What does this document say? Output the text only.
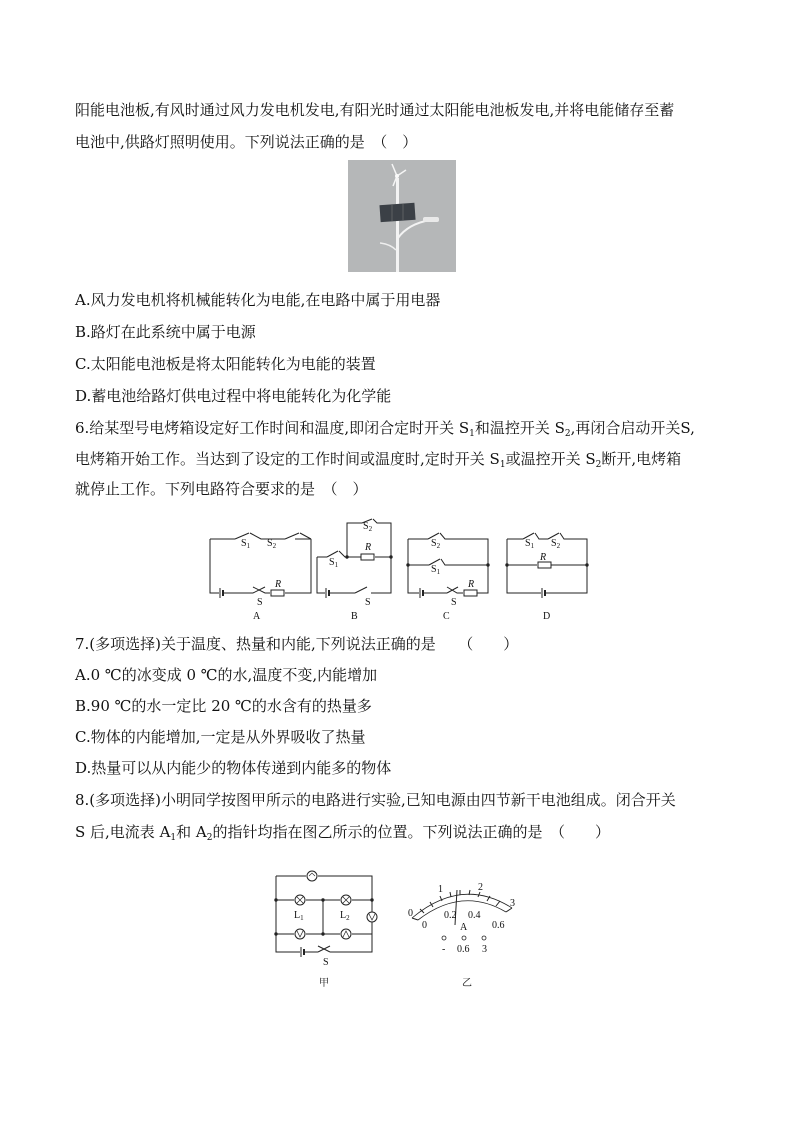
阳能电池板,有风时通过风力发电机发电,有阳光时通过太阳能电池板发电,并将电能储存至蓄
电池中,供路灯照明使用。下列说法正确的是　（　）
A.风力发电机将机械能转化为电能,在电路中属于用电器
B.路灯在此系统中属于电源
C.太阳能电池板是将太阳能转化为电能的装置
D.蓄电池给路灯供电过程中将电能转化为化学能
6.给某型号电烤箱设定好工作时间和温度,即闭合定时开关 $S_1$和温控开关 $S_2$,再闭合启动开关S,
电烤箱开始工作。当达到了设定的工作时间或温度时,定时开关 $S_1$或温控开关 $S_2$断开,电烤箱
就停止工作。下列电路符合要求的是　（　）
$S_1$ $S_2$
R
S
A
$S_2$
R
$S_1$
S
B
$S_2$
$S_1$
R
S
C
$S_1$ $S_2$
R
D
7.(多项选择)关于温度、热量和内能,下列说法正确的是　　（　　）
A.0 ℃的冰变成 0 ℃的水,温度不变,内能增加
B.90 ℃的水一定比 20 ℃的水含有的热量多
C.物体的内能增加,一定是从外界吸收了热量
D.热量可以从内能少的物体传递到内能多的物体
8.(多项选择)小明同学按图甲所示的电路进行实验,已知电源由四节新干电池组成。闭合开关
S 后,电流表 $A_1$和 $A_2$的指针均指在图乙所示的位置。下列说法正确的是　（　　）
$L_1$	$L_2$
S
甲
1	2
3
0
0
0.2 0.4
0.6
A
- 0.6 3
乙
